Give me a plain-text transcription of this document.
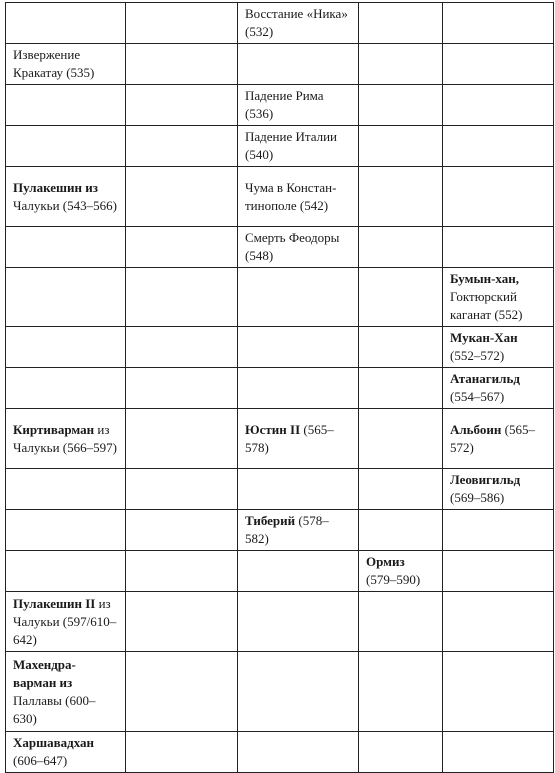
		Восстание «Ника» (532)		
Извержение Кракатау (535)				
		Падение Рима (536)		
		Падение Италии (540)		
Пулакешин из Чалукьи (543–566)		Чума в Констан-тинополе (542)		
		Смерть Феодоры (548)		
				Бумын-хан, Гоктюрский каганат (552)
				Мукан-Хан (552–572)
				Атанагильд (554–567)
Киртиварман из Чалукьи (566–597)		Юстин II (565–578)		Альбоин (565–572)
				Леовигильд (569–586)
		Тиберий (578–582)		
			Ормиз (579–590)	
Пулакешин II из Чалукьи (597/610–642)				
Махендра-варман из Паллавы (600–630)				
Харшавадхан (606–647)				
